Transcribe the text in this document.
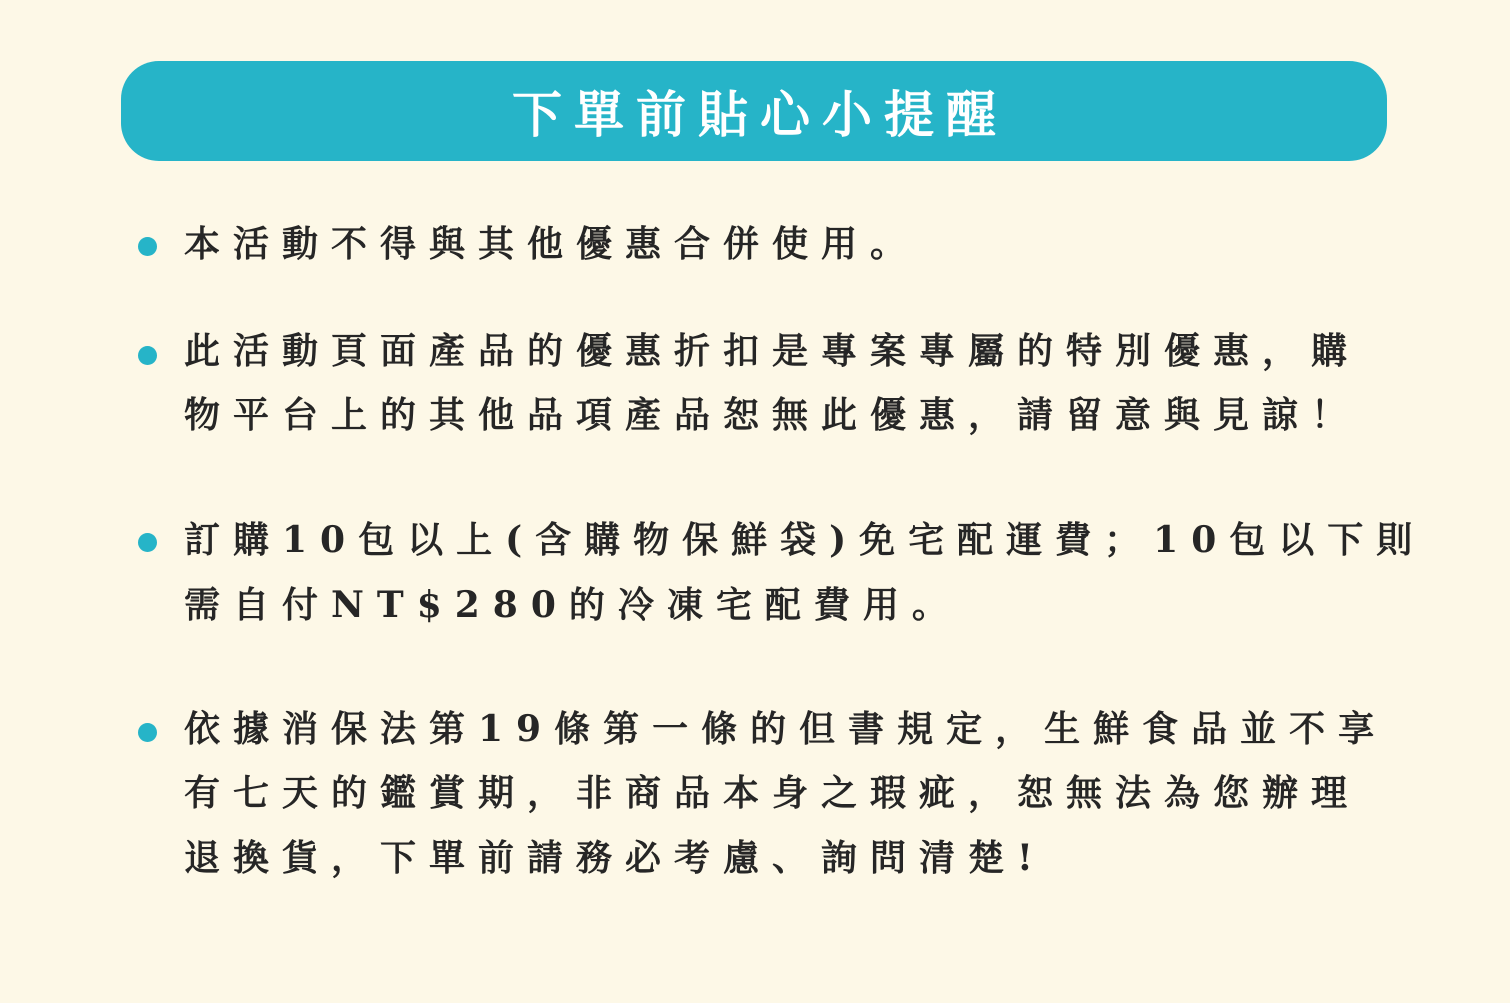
下單前貼心小提醒
本活動不得與其他優惠合併使用。
此活動頁面產品的優惠折扣是專案專屬的特別優惠，購
物平台上的其他品項產品恕無此優惠，請留意與見諒！
訂購10包以上(含購物保鮮袋)免宅配運費；10包以下則
需自付NT$280的冷凍宅配費用。
依據消保法第19條第一條的但書規定，生鮮食品並不享
有七天的鑑賞期，非商品本身之瑕疵，恕無法為您辦理
退換貨，下單前請務必考慮、詢問清楚!
